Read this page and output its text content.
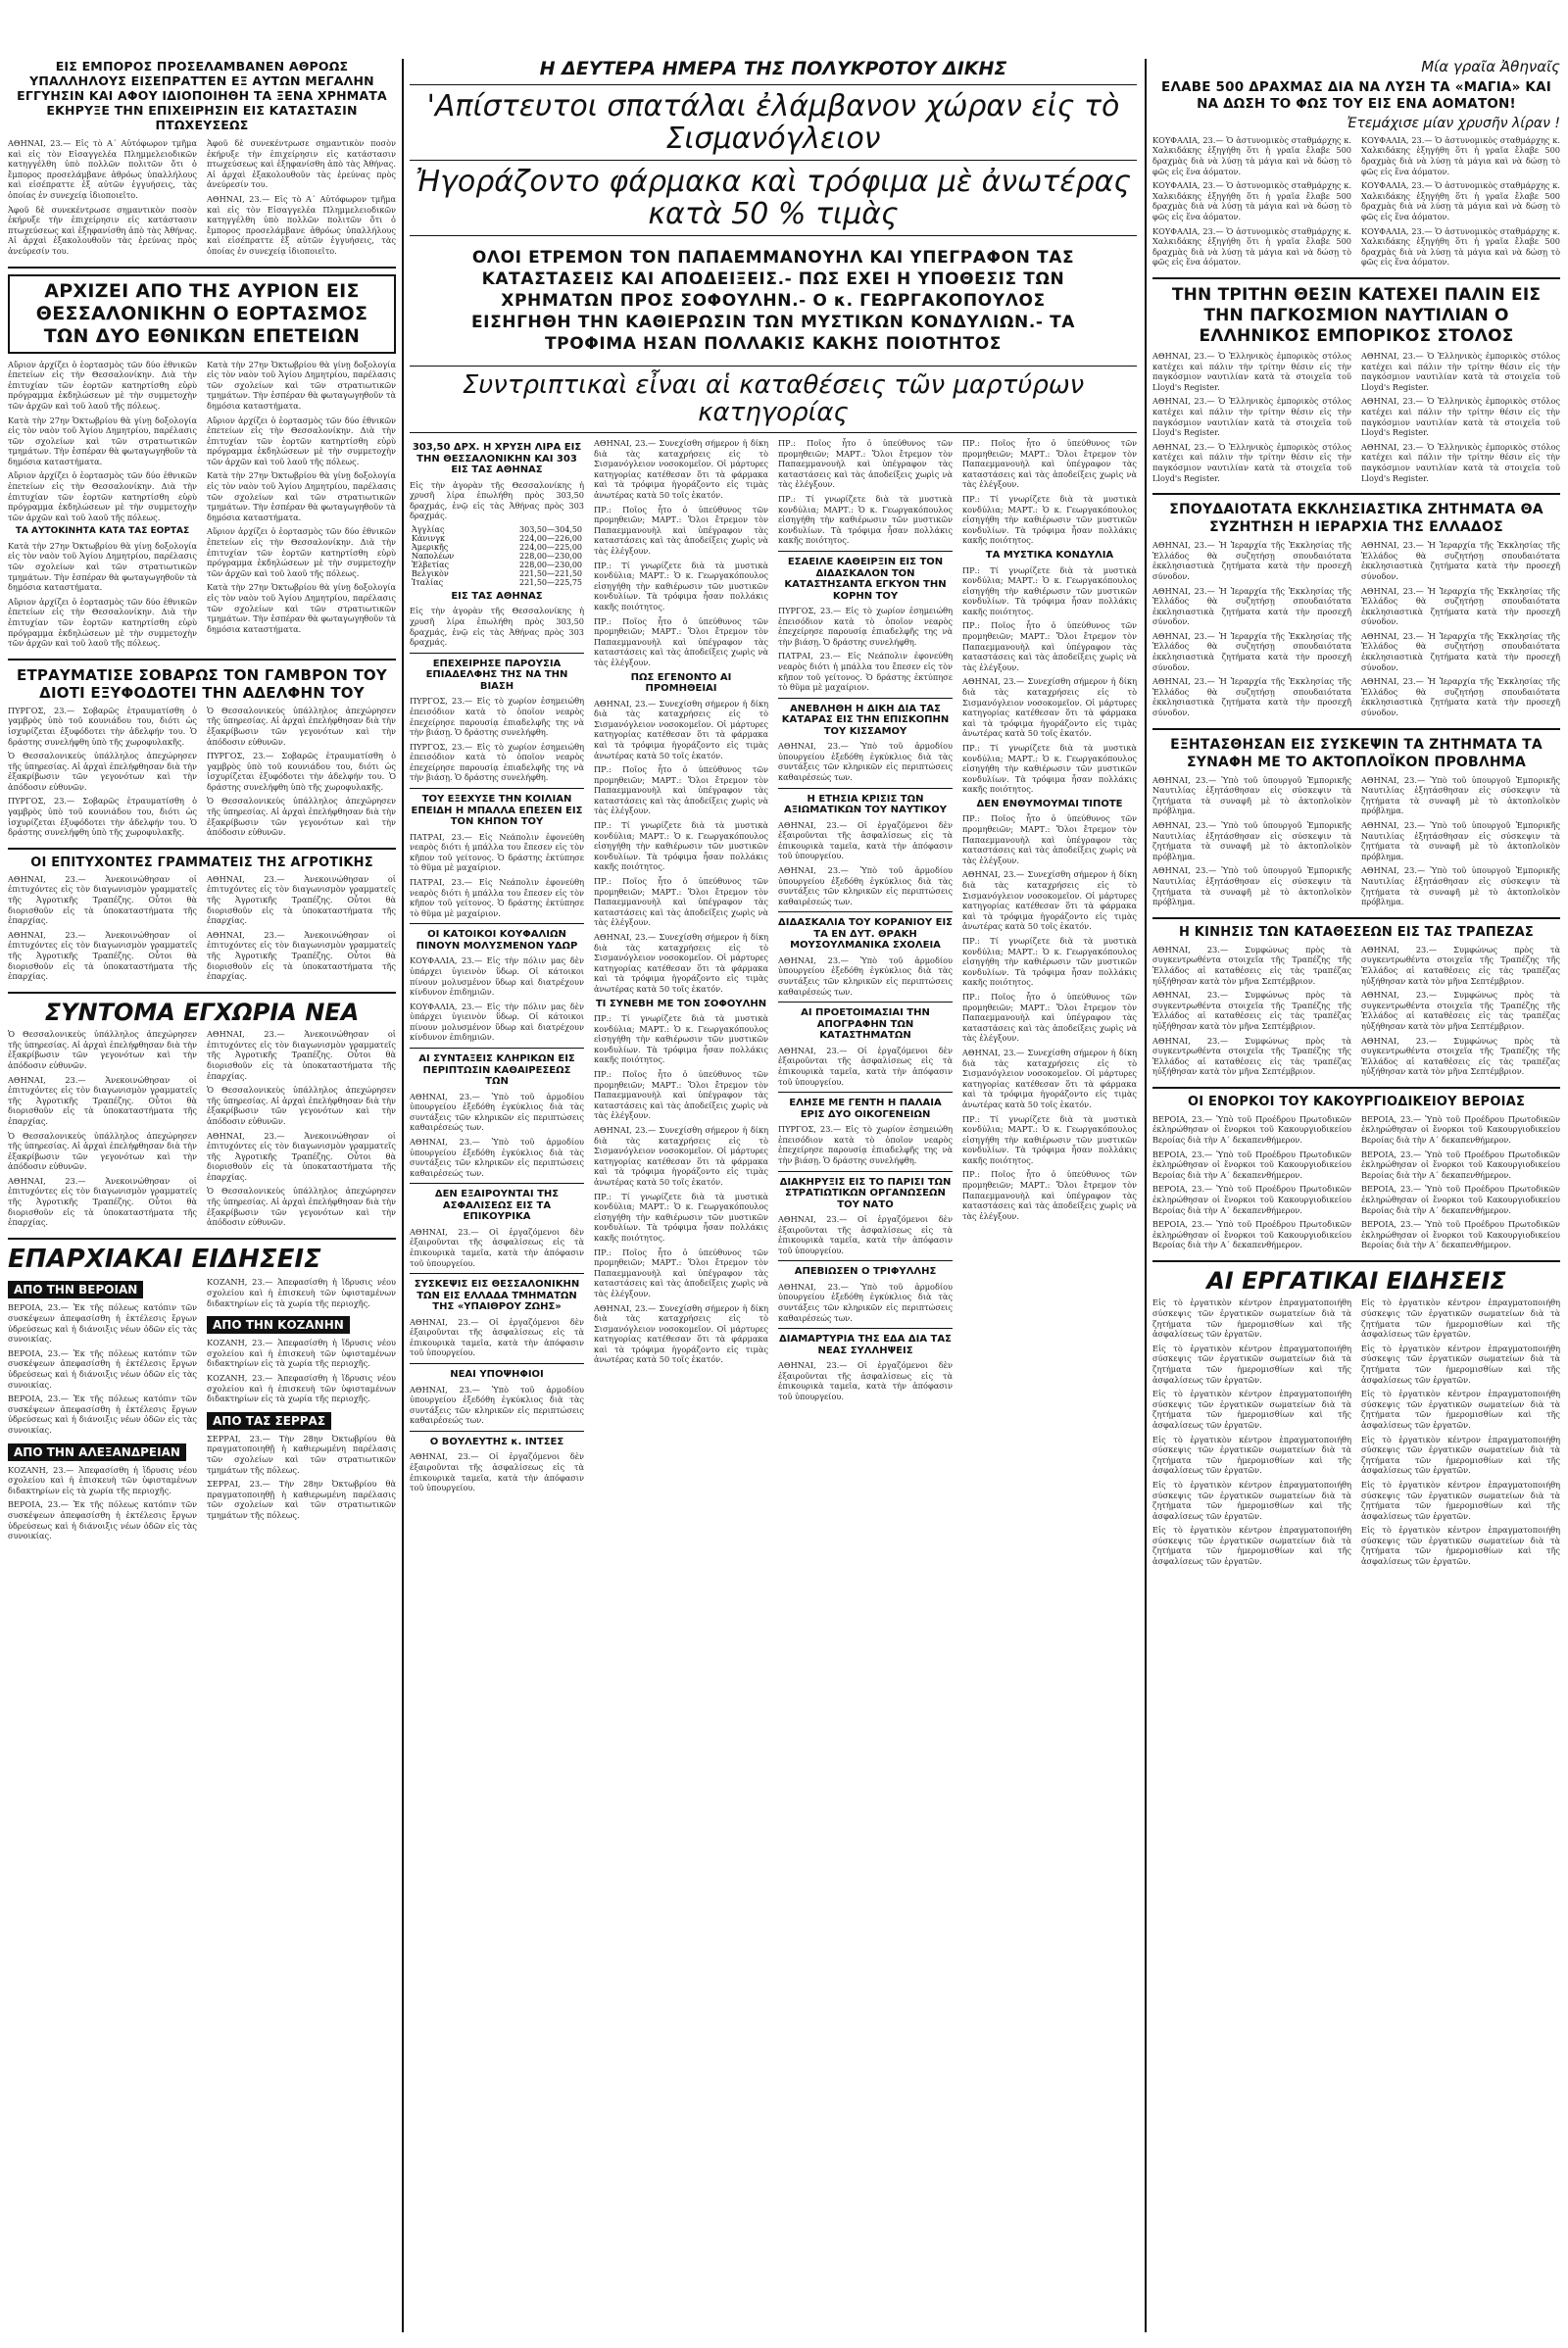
ΕΙΣ ΕΜΠΟΡΟΣ ΠΡΟΣΕΛΑΜΒΑΝΕΝ ΑΘΡΟΩΣ ΥΠΑΛΛΗΛΟΥΣ ΕΙΣΕΠΡΑΤΤΕΝ ΕΞ ΑΥΤΩΝ ΜΕΓΑΛΗΝ ΕΓΓΥΗΣΙΝ ΚΑΙ ΑΦΟΥ ΙΔΙΟΠΟΙΗΘΗ ΤΑ ΞΕΝΑ ΧΡΗΜΑΤΑ ΕΚΗΡΥΞΕ ΤΗΝ ΕΠΙΧΕΙΡΗΣΙΝ ΕΙΣ ΚΑΤΑΣΤΑΣΙΝ ΠΤΩΧΕΥΣΕΩΣ

ΑΘΗΝΑΙ, 23.— Εἰς τὸ Α΄ Αὐτόφωρον τμῆμα καὶ εἰς τὸν Εἰσαγγελέα Πλημμελειοδικῶν κατηγγέλθη ὑπὸ πολλῶν πολιτῶν ὅτι ὁ ἔμπορος προσελάμβανε ἀθρόως ὑπαλλήλους καὶ εἰσέπραττε ἐξ αὐτῶν ἐγγυήσεις, τὰς ὁποίας ἐν συνεχείᾳ ἰδιοποιεῖτο.

Ἀφοῦ δὲ συνεκέντρωσε σημαντικὸν ποσὸν ἐκήρυξε τὴν ἐπιχείρησιν εἰς κατάστασιν πτωχεύσεως καὶ ἐξηφανίσθη ἀπὸ τὰς Ἀθήνας. Αἱ ἀρχαὶ ἐξακολουθοῦν τὰς ἐρεύνας πρὸς ἀνεύρεσίν του.

Ἀφοῦ δὲ συνεκέντρωσε σημαντικὸν ποσὸν ἐκήρυξε τὴν ἐπιχείρησιν εἰς κατάστασιν πτωχεύσεως καὶ ἐξηφανίσθη ἀπὸ τὰς Ἀθήνας. Αἱ ἀρχαὶ ἐξακολουθοῦν τὰς ἐρεύνας πρὸς ἀνεύρεσίν του.

ΑΘΗΝΑΙ, 23.— Εἰς τὸ Α΄ Αὐτόφωρον τμῆμα καὶ εἰς τὸν Εἰσαγγελέα Πλημμελειοδικῶν κατηγγέλθη ὑπὸ πολλῶν πολιτῶν ὅτι ὁ ἔμπορος προσελάμβανε ἀθρόως ὑπαλλήλους καὶ εἰσέπραττε ἐξ αὐτῶν ἐγγυήσεις, τὰς ὁποίας ἐν συνεχείᾳ ἰδιοποιεῖτο.

ΑΡΧΙΖΕΙ ΑΠΟ ΤΗΣ ΑΥΡΙΟΝ ΕΙΣ ΘΕΣΣΑΛΟΝΙΚΗΝ Ο ΕΟΡΤΑΣΜΟΣ ΤΩΝ ΔΥΟ ΕΘΝΙΚΩΝ ΕΠΕΤΕΙΩΝ

Αὔριον ἀρχίζει ὁ ἑορτασμὸς τῶν δύο ἐθνικῶν ἐπετείων εἰς τὴν Θεσσαλονίκην. Διὰ τὴν ἐπιτυχίαν τῶν ἑορτῶν κατηρτίσθη εὐρὺ πρόγραμμα ἐκδηλώσεων μὲ τὴν συμμετοχὴν τῶν ἀρχῶν καὶ τοῦ λαοῦ τῆς πόλεως.

Κατὰ τὴν 27ην Ὀκτωβρίου θὰ γίνῃ δοξολογία εἰς τὸν ναὸν τοῦ Ἁγίου Δημητρίου, παρέλασις τῶν σχολείων καὶ τῶν στρατιωτικῶν τμημάτων. Τὴν ἑσπέραν θὰ φωταγωγηθοῦν τὰ δημόσια καταστήματα.

Αὔριον ἀρχίζει ὁ ἑορτασμὸς τῶν δύο ἐθνικῶν ἐπετείων εἰς τὴν Θεσσαλονίκην. Διὰ τὴν ἐπιτυχίαν τῶν ἑορτῶν κατηρτίσθη εὐρὺ πρόγραμμα ἐκδηλώσεων μὲ τὴν συμμετοχὴν τῶν ἀρχῶν καὶ τοῦ λαοῦ τῆς πόλεως.

ΤΑ ΑΥΤΟΚΙΝΗΤΑ ΚΑΤΑ ΤΑΣ ΕΟΡΤΑΣ

Κατὰ τὴν 27ην Ὀκτωβρίου θὰ γίνῃ δοξολογία εἰς τὸν ναὸν τοῦ Ἁγίου Δημητρίου, παρέλασις τῶν σχολείων καὶ τῶν στρατιωτικῶν τμημάτων. Τὴν ἑσπέραν θὰ φωταγωγηθοῦν τὰ δημόσια καταστήματα.

Αὔριον ἀρχίζει ὁ ἑορτασμὸς τῶν δύο ἐθνικῶν ἐπετείων εἰς τὴν Θεσσαλονίκην. Διὰ τὴν ἐπιτυχίαν τῶν ἑορτῶν κατηρτίσθη εὐρὺ πρόγραμμα ἐκδηλώσεων μὲ τὴν συμμετοχὴν τῶν ἀρχῶν καὶ τοῦ λαοῦ τῆς πόλεως.

Κατὰ τὴν 27ην Ὀκτωβρίου θὰ γίνῃ δοξολογία εἰς τὸν ναὸν τοῦ Ἁγίου Δημητρίου, παρέλασις τῶν σχολείων καὶ τῶν στρατιωτικῶν τμημάτων. Τὴν ἑσπέραν θὰ φωταγωγηθοῦν τὰ δημόσια καταστήματα.

Αὔριον ἀρχίζει ὁ ἑορτασμὸς τῶν δύο ἐθνικῶν ἐπετείων εἰς τὴν Θεσσαλονίκην. Διὰ τὴν ἐπιτυχίαν τῶν ἑορτῶν κατηρτίσθη εὐρὺ πρόγραμμα ἐκδηλώσεων μὲ τὴν συμμετοχὴν τῶν ἀρχῶν καὶ τοῦ λαοῦ τῆς πόλεως.

Κατὰ τὴν 27ην Ὀκτωβρίου θὰ γίνῃ δοξολογία εἰς τὸν ναὸν τοῦ Ἁγίου Δημητρίου, παρέλασις τῶν σχολείων καὶ τῶν στρατιωτικῶν τμημάτων. Τὴν ἑσπέραν θὰ φωταγωγηθοῦν τὰ δημόσια καταστήματα.

Αὔριον ἀρχίζει ὁ ἑορτασμὸς τῶν δύο ἐθνικῶν ἐπετείων εἰς τὴν Θεσσαλονίκην. Διὰ τὴν ἐπιτυχίαν τῶν ἑορτῶν κατηρτίσθη εὐρὺ πρόγραμμα ἐκδηλώσεων μὲ τὴν συμμετοχὴν τῶν ἀρχῶν καὶ τοῦ λαοῦ τῆς πόλεως.

Κατὰ τὴν 27ην Ὀκτωβρίου θὰ γίνῃ δοξολογία εἰς τὸν ναὸν τοῦ Ἁγίου Δημητρίου, παρέλασις τῶν σχολείων καὶ τῶν στρατιωτικῶν τμημάτων. Τὴν ἑσπέραν θὰ φωταγωγηθοῦν τὰ δημόσια καταστήματα.

ΕΤΡΑΥΜΑΤΙΣΕ ΣΟΒΑΡΩΣ ΤΟΝ ΓΑΜΒΡΟΝ ΤΟΥ ΔΙΟΤΙ ΕΞΥΦΟΔΟΤΕΙ ΤΗΝ ΑΔΕΛΦΗΝ ΤΟΥ

ΠΥΡΓΟΣ, 23.— Σοβαρῶς ἐτραυματίσθη ὁ γαμβρὸς ὑπὸ τοῦ κουνιάδου του, διότι ὡς ἰσχυρίζεται ἐξυφόδοτει τὴν ἀδελφήν του. Ὁ δράστης συνελήφθη ὑπὸ τῆς χωροφυλακῆς.

Ὁ Θεσσαλονικεὺς ὑπάλληλος ἀπεχώρησεν τῆς ὑπηρεσίας. Αἱ ἀρχαὶ ἐπελήφθησαν διὰ τὴν ἐξακρίβωσιν τῶν γεγονότων καὶ τὴν ἀπόδοσιν εὐθυνῶν.

ΠΥΡΓΟΣ, 23.— Σοβαρῶς ἐτραυματίσθη ὁ γαμβρὸς ὑπὸ τοῦ κουνιάδου του, διότι ὡς ἰσχυρίζεται ἐξυφόδοτει τὴν ἀδελφήν του. Ὁ δράστης συνελήφθη ὑπὸ τῆς χωροφυλακῆς.

Ὁ Θεσσαλονικεὺς ὑπάλληλος ἀπεχώρησεν τῆς ὑπηρεσίας. Αἱ ἀρχαὶ ἐπελήφθησαν διὰ τὴν ἐξακρίβωσιν τῶν γεγονότων καὶ τὴν ἀπόδοσιν εὐθυνῶν.

ΠΥΡΓΟΣ, 23.— Σοβαρῶς ἐτραυματίσθη ὁ γαμβρὸς ὑπὸ τοῦ κουνιάδου του, διότι ὡς ἰσχυρίζεται ἐξυφόδοτει τὴν ἀδελφήν του. Ὁ δράστης συνελήφθη ὑπὸ τῆς χωροφυλακῆς.

Ὁ Θεσσαλονικεὺς ὑπάλληλος ἀπεχώρησεν τῆς ὑπηρεσίας. Αἱ ἀρχαὶ ἐπελήφθησαν διὰ τὴν ἐξακρίβωσιν τῶν γεγονότων καὶ τὴν ἀπόδοσιν εὐθυνῶν.

ΟΙ ΕΠΙΤΥΧΟΝΤΕΣ ΓΡΑΜΜΑΤΕΙΣ ΤΗΣ ΑΓΡΟΤΙΚΗΣ

ΑΘΗΝΑΙ, 23.— Ἀνεκοινώθησαν οἱ ἐπιτυχόντες εἰς τὸν διαγωνισμὸν γραμματεῖς τῆς Ἀγροτικῆς Τραπέζης. Οὗτοι θὰ διορισθοῦν εἰς τὰ ὑποκαταστήματα τῆς ἐπαρχίας.

ΑΘΗΝΑΙ, 23.— Ἀνεκοινώθησαν οἱ ἐπιτυχόντες εἰς τὸν διαγωνισμὸν γραμματεῖς τῆς Ἀγροτικῆς Τραπέζης. Οὗτοι θὰ διορισθοῦν εἰς τὰ ὑποκαταστήματα τῆς ἐπαρχίας.

ΑΘΗΝΑΙ, 23.— Ἀνεκοινώθησαν οἱ ἐπιτυχόντες εἰς τὸν διαγωνισμὸν γραμματεῖς τῆς Ἀγροτικῆς Τραπέζης. Οὗτοι θὰ διορισθοῦν εἰς τὰ ὑποκαταστήματα τῆς ἐπαρχίας.

ΑΘΗΝΑΙ, 23.— Ἀνεκοινώθησαν οἱ ἐπιτυχόντες εἰς τὸν διαγωνισμὸν γραμματεῖς τῆς Ἀγροτικῆς Τραπέζης. Οὗτοι θὰ διορισθοῦν εἰς τὰ ὑποκαταστήματα τῆς ἐπαρχίας.

ΣΥΝΤΟΜΑ ΕΓΧΩΡΙΑ ΝΕΑ

Ὁ Θεσσαλονικεὺς ὑπάλληλος ἀπεχώρησεν τῆς ὑπηρεσίας. Αἱ ἀρχαὶ ἐπελήφθησαν διὰ τὴν ἐξακρίβωσιν τῶν γεγονότων καὶ τὴν ἀπόδοσιν εὐθυνῶν.

ΑΘΗΝΑΙ, 23.— Ἀνεκοινώθησαν οἱ ἐπιτυχόντες εἰς τὸν διαγωνισμὸν γραμματεῖς τῆς Ἀγροτικῆς Τραπέζης. Οὗτοι θὰ διορισθοῦν εἰς τὰ ὑποκαταστήματα τῆς ἐπαρχίας.

Ὁ Θεσσαλονικεὺς ὑπάλληλος ἀπεχώρησεν τῆς ὑπηρεσίας. Αἱ ἀρχαὶ ἐπελήφθησαν διὰ τὴν ἐξακρίβωσιν τῶν γεγονότων καὶ τὴν ἀπόδοσιν εὐθυνῶν.

ΑΘΗΝΑΙ, 23.— Ἀνεκοινώθησαν οἱ ἐπιτυχόντες εἰς τὸν διαγωνισμὸν γραμματεῖς τῆς Ἀγροτικῆς Τραπέζης. Οὗτοι θὰ διορισθοῦν εἰς τὰ ὑποκαταστήματα τῆς ἐπαρχίας.

ΑΘΗΝΑΙ, 23.— Ἀνεκοινώθησαν οἱ ἐπιτυχόντες εἰς τὸν διαγωνισμὸν γραμματεῖς τῆς Ἀγροτικῆς Τραπέζης. Οὗτοι θὰ διορισθοῦν εἰς τὰ ὑποκαταστήματα τῆς ἐπαρχίας.

Ὁ Θεσσαλονικεὺς ὑπάλληλος ἀπεχώρησεν τῆς ὑπηρεσίας. Αἱ ἀρχαὶ ἐπελήφθησαν διὰ τὴν ἐξακρίβωσιν τῶν γεγονότων καὶ τὴν ἀπόδοσιν εὐθυνῶν.

ΑΘΗΝΑΙ, 23.— Ἀνεκοινώθησαν οἱ ἐπιτυχόντες εἰς τὸν διαγωνισμὸν γραμματεῖς τῆς Ἀγροτικῆς Τραπέζης. Οὗτοι θὰ διορισθοῦν εἰς τὰ ὑποκαταστήματα τῆς ἐπαρχίας.

Ὁ Θεσσαλονικεὺς ὑπάλληλος ἀπεχώρησεν τῆς ὑπηρεσίας. Αἱ ἀρχαὶ ἐπελήφθησαν διὰ τὴν ἐξακρίβωσιν τῶν γεγονότων καὶ τὴν ἀπόδοσιν εὐθυνῶν.

ΕΠΑΡΧΙΑΚΑΙ ΕΙΔΗΣΕΙΣ
ΑΠΟ ΤΗΝ ΒΕΡΟΙΑΝ

ΒΕΡΟΙΑ, 23.— Ἐκ τῆς πόλεως κατόπιν τῶν συσκέψεων ἀπεφασίσθη ἡ ἐκτέλεσις ἔργων ὑδρεύσεως καὶ ἡ διάνοιξις νέων ὁδῶν εἰς τὰς συνοικίας.

ΒΕΡΟΙΑ, 23.— Ἐκ τῆς πόλεως κατόπιν τῶν συσκέψεων ἀπεφασίσθη ἡ ἐκτέλεσις ἔργων ὑδρεύσεως καὶ ἡ διάνοιξις νέων ὁδῶν εἰς τὰς συνοικίας.

ΒΕΡΟΙΑ, 23.— Ἐκ τῆς πόλεως κατόπιν τῶν συσκέψεων ἀπεφασίσθη ἡ ἐκτέλεσις ἔργων ὑδρεύσεως καὶ ἡ διάνοιξις νέων ὁδῶν εἰς τὰς συνοικίας.

ΑΠΟ ΤΗΝ ΑΛΕΞΑΝΔΡΕΙΑΝ

ΚΟΖΑΝΗ, 23.— Ἀπεφασίσθη ἡ ἵδρυσις νέου σχολείου καὶ ἡ ἐπισκευὴ τῶν ὑφισταμένων διδακτηρίων εἰς τὰ χωρία τῆς περιοχῆς.

ΒΕΡΟΙΑ, 23.— Ἐκ τῆς πόλεως κατόπιν τῶν συσκέψεων ἀπεφασίσθη ἡ ἐκτέλεσις ἔργων ὑδρεύσεως καὶ ἡ διάνοιξις νέων ὁδῶν εἰς τὰς συνοικίας.

ΚΟΖΑΝΗ, 23.— Ἀπεφασίσθη ἡ ἵδρυσις νέου σχολείου καὶ ἡ ἐπισκευὴ τῶν ὑφισταμένων διδακτηρίων εἰς τὰ χωρία τῆς περιοχῆς.

ΑΠΟ ΤΗΝ ΚΟΖΑΝΗΝ

ΚΟΖΑΝΗ, 23.— Ἀπεφασίσθη ἡ ἵδρυσις νέου σχολείου καὶ ἡ ἐπισκευὴ τῶν ὑφισταμένων διδακτηρίων εἰς τὰ χωρία τῆς περιοχῆς.

ΚΟΖΑΝΗ, 23.— Ἀπεφασίσθη ἡ ἵδρυσις νέου σχολείου καὶ ἡ ἐπισκευὴ τῶν ὑφισταμένων διδακτηρίων εἰς τὰ χωρία τῆς περιοχῆς.

ΑΠΟ ΤΑΣ ΣΕΡΡΑΣ

ΣΕΡΡΑΙ, 23.— Τὴν 28ην Ὀκτωβρίου θὰ πραγματοποιηθῇ ἡ καθιερωμένη παρέλασις τῶν σχολείων καὶ τῶν στρατιωτικῶν τμημάτων τῆς πόλεως.

ΣΕΡΡΑΙ, 23.— Τὴν 28ην Ὀκτωβρίου θὰ πραγματοποιηθῇ ἡ καθιερωμένη παρέλασις τῶν σχολείων καὶ τῶν στρατιωτικῶν τμημάτων τῆς πόλεως.

Η ΔΕΥΤΕΡΑ ΗΜΕΡΑ ΤΗΣ ΠΟΛΥΚΡΟΤΟΥ ΔΙΚΗΣ
'Απίστευτοι σπατάλαι ἐλάμβανον χώραν εἰς τὸ Σισμανόγλειον
Ἠγοράζοντο φάρμακα καὶ τρόφιμα μὲ ἀνωτέρας κατὰ 50 % τιμὰς
ΟΛΟΙ ΕΤΡΕΜΟΝ ΤΟΝ ΠΑΠΑΕΜΜΑΝΟΥΗΛ ΚΑΙ ΥΠΕΓΡΑΦΟΝ ΤΑΣ ΚΑΤΑΣΤΑΣΕΙΣ ΚΑΙ ΑΠΟΔΕΙΞΕΙΣ.- ΠΩΣ ΕΧΕΙ Η ΥΠΟΘΕΣΙΣ ΤΩΝ ΧΡΗΜΑΤΩΝ ΠΡΟΣ ΣΟΦΟΥΛΗΝ.- Ο κ. ΓΕΩΡΓΑΚΟΠΟΥΛΟΣ ΕΙΣΗΓΗΘΗ ΤΗΝ ΚΑΘΙΕΡΩΣΙΝ ΤΩΝ ΜΥΣΤΙΚΩΝ ΚΟΝΔΥΛΙΩΝ.- ΤΑ ΤΡΟΦΙΜΑ ΗΣΑΝ ΠΟΛΛΑΚΙΣ ΚΑΚΗΣ ΠΟΙΟΤΗΤΟΣ
Συντριπτικαὶ εἶναι αἱ καταθέσεις τῶν μαρτύρων κατηγορίας
303,50 ΔΡΧ. Η ΧΡΥΣΗ ΛΙΡΑ ΕΙΣ ΤΗΝ ΘΕΣΣΑΛΟΝΙΚΗΝ ΚΑΙ 303 ΕΙΣ ΤΑΣ ΑΘΗΝΑΣ

Εἰς τὴν ἀγορὰν τῆς Θεσσαλονίκης ἡ χρυσῆ λίρα ἐπωλήθη πρὸς 303,50 δραχμάς, ἐνῷ εἰς τὰς Ἀθήνας πρὸς 303 δραχμάς.

Ἀγγλίας	303,50—304,50
Κάνινγκ	224,00—226,00
Ἀμερικῆς	224,00—225,00
Ναπολέων	228,00—230,00
Ἑλβετίας	228,00—230,00
Βελγικὸν	221,50—221,50
Ἰταλίας	221,50—225,75
ΕΙΣ ΤΑΣ ΑΘΗΝΑΣ

Εἰς τὴν ἀγορὰν τῆς Θεσσαλονίκης ἡ χρυσῆ λίρα ἐπωλήθη πρὸς 303,50 δραχμάς, ἐνῷ εἰς τὰς Ἀθήνας πρὸς 303 δραχμάς.

ΕΠΕΧΕΙΡΗΣΕ ΠΑΡΟΥΣΙΑ ΕΠΙΑΔΕΛΦΗΣ ΤΗΣ ΝΑ ΤΗΝ ΒΙΑΣΗ

ΠΥΡΓΟΣ, 23.— Εἰς τὸ χωρίον ἐσημειώθη ἐπεισόδιον κατὰ τὸ ὁποῖον νεαρὸς ἐπεχείρησε παρουσίᾳ ἐπιαδελφῆς της νὰ τὴν βιάσῃ. Ὁ δράστης συνελήφθη.

ΠΥΡΓΟΣ, 23.— Εἰς τὸ χωρίον ἐσημειώθη ἐπεισόδιον κατὰ τὸ ὁποῖον νεαρὸς ἐπεχείρησε παρουσίᾳ ἐπιαδελφῆς της νὰ τὴν βιάσῃ. Ὁ δράστης συνελήφθη.

ΤΟΥ ΕΞΕΧΥΣΕ ΤΗΝ ΚΟΙΛΙΑΝ ΕΠΕΙΔΗ Η ΜΠΑΛΛΑ ΕΠΕΣΕΝ ΕΙΣ ΤΟΝ ΚΗΠΟΝ ΤΟΥ

ΠΑΤΡΑΙ, 23.— Εἰς Νεάπολιν ἐφονεύθη νεαρὸς διότι ἡ μπάλλα του ἔπεσεν εἰς τὸν κῆπον τοῦ γείτονος. Ὁ δράστης ἐκτύπησε τὸ θῦμα μὲ μαχαίριον.

ΠΑΤΡΑΙ, 23.— Εἰς Νεάπολιν ἐφονεύθη νεαρὸς διότι ἡ μπάλλα του ἔπεσεν εἰς τὸν κῆπον τοῦ γείτονος. Ὁ δράστης ἐκτύπησε τὸ θῦμα μὲ μαχαίριον.

ΟΙ ΚΑΤΟΙΚΟΙ ΚΟΥΦΑΛΙΩΝ ΠΙΝΟΥΝ ΜΟΛΥΣΜΕΝΟΝ ΥΔΩΡ

ΚΟΥΦΑΛΙΑ, 23.— Εἰς τὴν πόλιν μας δὲν ὑπάρχει ὑγιεινὸν ὕδωρ. Οἱ κάτοικοι πίνουν μολυσμένον ὕδωρ καὶ διατρέχουν κίνδυνον ἐπιδημιῶν.

ΚΟΥΦΑΛΙΑ, 23.— Εἰς τὴν πόλιν μας δὲν ὑπάρχει ὑγιεινὸν ὕδωρ. Οἱ κάτοικοι πίνουν μολυσμένον ὕδωρ καὶ διατρέχουν κίνδυνον ἐπιδημιῶν.

ΑΙ ΣΥΝΤΑΞΕΙΣ ΚΛΗΡΙΚΩΝ ΕΙΣ ΠΕΡΙΠΤΩΣΙΝ ΚΑΘΑΙΡΕΣΕΩΣ ΤΩΝ

ΑΘΗΝΑΙ, 23.— Ὑπὸ τοῦ ἁρμοδίου ὑπουργείου ἐξεδόθη ἐγκύκλιος διὰ τὰς συντάξεις τῶν κληρικῶν εἰς περιπτώσεις καθαιρέσεώς των.

ΑΘΗΝΑΙ, 23.— Ὑπὸ τοῦ ἁρμοδίου ὑπουργείου ἐξεδόθη ἐγκύκλιος διὰ τὰς συντάξεις τῶν κληρικῶν εἰς περιπτώσεις καθαιρέσεώς των.

ΔΕΝ ΕΞΑΙΡΟΥΝΤΑΙ ΤΗΣ ΑΣΦΑΛΙΣΕΩΣ ΕΙΣ ΤΑ ΕΠΙΚΟΥΡΙΚΑ

ΑΘΗΝΑΙ, 23.— Οἱ ἐργαζόμενοι δὲν ἐξαιροῦνται τῆς ἀσφαλίσεως εἰς τὰ ἐπικουρικὰ ταμεῖα, κατὰ τὴν ἀπόφασιν τοῦ ὑπουργείου.

ΣΥΣΚΕΨΙΣ ΕΙΣ ΘΕΣΣΑΛΟΝΙΚΗΝ ΤΩΝ ΕΙΣ ΕΛΛΑΔΑ ΤΜΗΜΑΤΩΝ ΤΗΣ «ΥΠΑΙΘΡΟΥ ΖΩΗΣ»

ΑΘΗΝΑΙ, 23.— Οἱ ἐργαζόμενοι δὲν ἐξαιροῦνται τῆς ἀσφαλίσεως εἰς τὰ ἐπικουρικὰ ταμεῖα, κατὰ τὴν ἀπόφασιν τοῦ ὑπουργείου.

ΝΕΑΙ ΥΠΟΨΗΦΙΟΙ

ΑΘΗΝΑΙ, 23.— Ὑπὸ τοῦ ἁρμοδίου ὑπουργείου ἐξεδόθη ἐγκύκλιος διὰ τὰς συντάξεις τῶν κληρικῶν εἰς περιπτώσεις καθαιρέσεώς των.

Ο ΒΟΥΛΕΥΤΗΣ κ. ΙΝΤΣΕΣ

ΑΘΗΝΑΙ, 23.— Οἱ ἐργαζόμενοι δὲν ἐξαιροῦνται τῆς ἀσφαλίσεως εἰς τὰ ἐπικουρικὰ ταμεῖα, κατὰ τὴν ἀπόφασιν τοῦ ὑπουργείου.

ΑΘΗΝΑΙ, 23.— Συνεχίσθη σήμερον ἡ δίκη διὰ τὰς καταχρήσεις εἰς τὸ Σισμανόγλειον νοσοκομεῖον. Οἱ μάρτυρες κατηγορίας κατέθεσαν ὅτι τὰ φάρμακα καὶ τὰ τρόφιμα ἠγοράζοντο εἰς τιμὰς ἀνωτέρας κατὰ 50 τοῖς ἑκατόν.

ΠΡ.: Ποῖος ἦτο ὁ ὑπεύθυνος τῶν προμηθειῶν; ΜΑΡΤ.: Ὅλοι ἔτρεμον τὸν Παπαεμμανουὴλ καὶ ὑπέγραφον τὰς καταστάσεις καὶ τὰς ἀποδείξεις χωρὶς νὰ τὰς ἐλέγξουν.

ΠΡ.: Τί γνωρίζετε διὰ τὰ μυστικὰ κονδύλια; ΜΑΡΤ.: Ὁ κ. Γεωργακόπουλος εἰσηγήθη τὴν καθιέρωσιν τῶν μυστικῶν κονδυλίων. Τὰ τρόφιμα ἦσαν πολλάκις κακῆς ποιότητος.

ΠΡ.: Ποῖος ἦτο ὁ ὑπεύθυνος τῶν προμηθειῶν; ΜΑΡΤ.: Ὅλοι ἔτρεμον τὸν Παπαεμμανουὴλ καὶ ὑπέγραφον τὰς καταστάσεις καὶ τὰς ἀποδείξεις χωρὶς νὰ τὰς ἐλέγξουν.

ΠΩΣ ΕΓΕΝΟΝΤΟ ΑΙ ΠΡΟΜΗΘΕΙΑΙ

ΑΘΗΝΑΙ, 23.— Συνεχίσθη σήμερον ἡ δίκη διὰ τὰς καταχρήσεις εἰς τὸ Σισμανόγλειον νοσοκομεῖον. Οἱ μάρτυρες κατηγορίας κατέθεσαν ὅτι τὰ φάρμακα καὶ τὰ τρόφιμα ἠγοράζοντο εἰς τιμὰς ἀνωτέρας κατὰ 50 τοῖς ἑκατόν.

ΠΡ.: Ποῖος ἦτο ὁ ὑπεύθυνος τῶν προμηθειῶν; ΜΑΡΤ.: Ὅλοι ἔτρεμον τὸν Παπαεμμανουὴλ καὶ ὑπέγραφον τὰς καταστάσεις καὶ τὰς ἀποδείξεις χωρὶς νὰ τὰς ἐλέγξουν.

ΠΡ.: Τί γνωρίζετε διὰ τὰ μυστικὰ κονδύλια; ΜΑΡΤ.: Ὁ κ. Γεωργακόπουλος εἰσηγήθη τὴν καθιέρωσιν τῶν μυστικῶν κονδυλίων. Τὰ τρόφιμα ἦσαν πολλάκις κακῆς ποιότητος.

ΠΡ.: Ποῖος ἦτο ὁ ὑπεύθυνος τῶν προμηθειῶν; ΜΑΡΤ.: Ὅλοι ἔτρεμον τὸν Παπαεμμανουὴλ καὶ ὑπέγραφον τὰς καταστάσεις καὶ τὰς ἀποδείξεις χωρὶς νὰ τὰς ἐλέγξουν.

ΑΘΗΝΑΙ, 23.— Συνεχίσθη σήμερον ἡ δίκη διὰ τὰς καταχρήσεις εἰς τὸ Σισμανόγλειον νοσοκομεῖον. Οἱ μάρτυρες κατηγορίας κατέθεσαν ὅτι τὰ φάρμακα καὶ τὰ τρόφιμα ἠγοράζοντο εἰς τιμὰς ἀνωτέρας κατὰ 50 τοῖς ἑκατόν.

ΤΙ ΣΥΝΕΒΗ ΜΕ ΤΟΝ ΣΟΦΟΥΛΗΝ

ΠΡ.: Τί γνωρίζετε διὰ τὰ μυστικὰ κονδύλια; ΜΑΡΤ.: Ὁ κ. Γεωργακόπουλος εἰσηγήθη τὴν καθιέρωσιν τῶν μυστικῶν κονδυλίων. Τὰ τρόφιμα ἦσαν πολλάκις κακῆς ποιότητος.

ΠΡ.: Ποῖος ἦτο ὁ ὑπεύθυνος τῶν προμηθειῶν; ΜΑΡΤ.: Ὅλοι ἔτρεμον τὸν Παπαεμμανουὴλ καὶ ὑπέγραφον τὰς καταστάσεις καὶ τὰς ἀποδείξεις χωρὶς νὰ τὰς ἐλέγξουν.

ΑΘΗΝΑΙ, 23.— Συνεχίσθη σήμερον ἡ δίκη διὰ τὰς καταχρήσεις εἰς τὸ Σισμανόγλειον νοσοκομεῖον. Οἱ μάρτυρες κατηγορίας κατέθεσαν ὅτι τὰ φάρμακα καὶ τὰ τρόφιμα ἠγοράζοντο εἰς τιμὰς ἀνωτέρας κατὰ 50 τοῖς ἑκατόν.

ΠΡ.: Τί γνωρίζετε διὰ τὰ μυστικὰ κονδύλια; ΜΑΡΤ.: Ὁ κ. Γεωργακόπουλος εἰσηγήθη τὴν καθιέρωσιν τῶν μυστικῶν κονδυλίων. Τὰ τρόφιμα ἦσαν πολλάκις κακῆς ποιότητος.

ΠΡ.: Ποῖος ἦτο ὁ ὑπεύθυνος τῶν προμηθειῶν; ΜΑΡΤ.: Ὅλοι ἔτρεμον τὸν Παπαεμμανουὴλ καὶ ὑπέγραφον τὰς καταστάσεις καὶ τὰς ἀποδείξεις χωρὶς νὰ τὰς ἐλέγξουν.

ΑΘΗΝΑΙ, 23.— Συνεχίσθη σήμερον ἡ δίκη διὰ τὰς καταχρήσεις εἰς τὸ Σισμανόγλειον νοσοκομεῖον. Οἱ μάρτυρες κατηγορίας κατέθεσαν ὅτι τὰ φάρμακα καὶ τὰ τρόφιμα ἠγοράζοντο εἰς τιμὰς ἀνωτέρας κατὰ 50 τοῖς ἑκατόν.

ΠΡ.: Ποῖος ἦτο ὁ ὑπεύθυνος τῶν προμηθειῶν; ΜΑΡΤ.: Ὅλοι ἔτρεμον τὸν Παπαεμμανουὴλ καὶ ὑπέγραφον τὰς καταστάσεις καὶ τὰς ἀποδείξεις χωρὶς νὰ τὰς ἐλέγξουν.

ΠΡ.: Τί γνωρίζετε διὰ τὰ μυστικὰ κονδύλια; ΜΑΡΤ.: Ὁ κ. Γεωργακόπουλος εἰσηγήθη τὴν καθιέρωσιν τῶν μυστικῶν κονδυλίων. Τὰ τρόφιμα ἦσαν πολλάκις κακῆς ποιότητος.

ΕΣΑΕΙΛΕ ΚΑΘΕΙΡΞΙΝ ΕΙΣ ΤΟΝ ΔΙΔΑΣΚΑΛΟΝ ΤΟΝ ΚΑΤΑΣΤΗΣΑΝΤΑ ΕΓΚΥΟΝ ΤΗΝ ΚΟΡΗΝ ΤΟΥ

ΠΥΡΓΟΣ, 23.— Εἰς τὸ χωρίον ἐσημειώθη ἐπεισόδιον κατὰ τὸ ὁποῖον νεαρὸς ἐπεχείρησε παρουσίᾳ ἐπιαδελφῆς της νὰ τὴν βιάσῃ. Ὁ δράστης συνελήφθη.

ΠΑΤΡΑΙ, 23.— Εἰς Νεάπολιν ἐφονεύθη νεαρὸς διότι ἡ μπάλλα του ἔπεσεν εἰς τὸν κῆπον τοῦ γείτονος. Ὁ δράστης ἐκτύπησε τὸ θῦμα μὲ μαχαίριον.

ΑΝΕΒΛΗΘΗ Η ΔΙΚΗ ΔΙΑ ΤΑΣ ΚΑΤΑΡΑΣ ΕΙΣ ΤΗΝ ΕΠΙΣΚΟΠΗΝ ΤΟΥ ΚΙΣΣΑΜΟΥ

ΑΘΗΝΑΙ, 23.— Ὑπὸ τοῦ ἁρμοδίου ὑπουργείου ἐξεδόθη ἐγκύκλιος διὰ τὰς συντάξεις τῶν κληρικῶν εἰς περιπτώσεις καθαιρέσεώς των.

Η ΕΤΗΣΙΑ ΚΡΙΣΙΣ ΤΩΝ ΑΞΙΩΜΑΤΙΚΩΝ ΤΟΥ ΝΑΥΤΙΚΟΥ

ΑΘΗΝΑΙ, 23.— Οἱ ἐργαζόμενοι δὲν ἐξαιροῦνται τῆς ἀσφαλίσεως εἰς τὰ ἐπικουρικὰ ταμεῖα, κατὰ τὴν ἀπόφασιν τοῦ ὑπουργείου.

ΑΘΗΝΑΙ, 23.— Ὑπὸ τοῦ ἁρμοδίου ὑπουργείου ἐξεδόθη ἐγκύκλιος διὰ τὰς συντάξεις τῶν κληρικῶν εἰς περιπτώσεις καθαιρέσεώς των.

ΔΙΔΑΣΚΑΛΙΑ ΤΟΥ ΚΟΡΑΝΙΟΥ ΕΙΣ ΤΑ ΕΝ ΔΥΤ. ΘΡΑΚΗ ΜΟΥΣΟΥΛΜΑΝΙΚΑ ΣΧΟΛΕΙΑ

ΑΘΗΝΑΙ, 23.— Ὑπὸ τοῦ ἁρμοδίου ὑπουργείου ἐξεδόθη ἐγκύκλιος διὰ τὰς συντάξεις τῶν κληρικῶν εἰς περιπτώσεις καθαιρέσεώς των.

ΑΙ ΠΡΟΕΤΟΙΜΑΣΙΑΙ ΤΗΝ ΑΠΟΓΡΑΦΗΝ ΤΩΝ ΚΑΤΑΣΤΗΜΑΤΩΝ

ΑΘΗΝΑΙ, 23.— Οἱ ἐργαζόμενοι δὲν ἐξαιροῦνται τῆς ἀσφαλίσεως εἰς τὰ ἐπικουρικὰ ταμεῖα, κατὰ τὴν ἀπόφασιν τοῦ ὑπουργείου.

ΕΛΗΣΕ ΜΕ ΓΕΝΤΗ Η ΠΑΛΑΙΑ ΕΡΙΣ ΔΥΟ ΟΙΚΟΓΕΝΕΙΩΝ

ΠΥΡΓΟΣ, 23.— Εἰς τὸ χωρίον ἐσημειώθη ἐπεισόδιον κατὰ τὸ ὁποῖον νεαρὸς ἐπεχείρησε παρουσίᾳ ἐπιαδελφῆς της νὰ τὴν βιάσῃ. Ὁ δράστης συνελήφθη.

ΔΙΑΚΗΡΥΞΙΣ ΕΙΣ ΤΟ ΠΑΡΙΣΙ ΤΩΝ ΣΤΡΑΤΙΩΤΙΚΩΝ ΟΡΓΑΝΩΣΕΩΝ ΤΟΥ ΝΑΤΟ

ΑΘΗΝΑΙ, 23.— Οἱ ἐργαζόμενοι δὲν ἐξαιροῦνται τῆς ἀσφαλίσεως εἰς τὰ ἐπικουρικὰ ταμεῖα, κατὰ τὴν ἀπόφασιν τοῦ ὑπουργείου.

ΑΠΕΒΙΩΣΕΝ Ο ΤΡΙΦΥΛΛΗΣ

ΑΘΗΝΑΙ, 23.— Ὑπὸ τοῦ ἁρμοδίου ὑπουργείου ἐξεδόθη ἐγκύκλιος διὰ τὰς συντάξεις τῶν κληρικῶν εἰς περιπτώσεις καθαιρέσεώς των.

ΔΙΑΜΑΡΤΥΡΙΑ ΤΗΣ ΕΔΑ ΔΙΑ ΤΑΣ ΝΕΑΣ ΣΥΛΛΗΨΕΙΣ

ΑΘΗΝΑΙ, 23.— Οἱ ἐργαζόμενοι δὲν ἐξαιροῦνται τῆς ἀσφαλίσεως εἰς τὰ ἐπικουρικὰ ταμεῖα, κατὰ τὴν ἀπόφασιν τοῦ ὑπουργείου.

ΠΡ.: Ποῖος ἦτο ὁ ὑπεύθυνος τῶν προμηθειῶν; ΜΑΡΤ.: Ὅλοι ἔτρεμον τὸν Παπαεμμανουὴλ καὶ ὑπέγραφον τὰς καταστάσεις καὶ τὰς ἀποδείξεις χωρὶς νὰ τὰς ἐλέγξουν.

ΠΡ.: Τί γνωρίζετε διὰ τὰ μυστικὰ κονδύλια; ΜΑΡΤ.: Ὁ κ. Γεωργακόπουλος εἰσηγήθη τὴν καθιέρωσιν τῶν μυστικῶν κονδυλίων. Τὰ τρόφιμα ἦσαν πολλάκις κακῆς ποιότητος.

ΤΑ ΜΥΣΤΙΚΑ ΚΟΝΔΥΛΙΑ

ΠΡ.: Τί γνωρίζετε διὰ τὰ μυστικὰ κονδύλια; ΜΑΡΤ.: Ὁ κ. Γεωργακόπουλος εἰσηγήθη τὴν καθιέρωσιν τῶν μυστικῶν κονδυλίων. Τὰ τρόφιμα ἦσαν πολλάκις κακῆς ποιότητος.

ΠΡ.: Ποῖος ἦτο ὁ ὑπεύθυνος τῶν προμηθειῶν; ΜΑΡΤ.: Ὅλοι ἔτρεμον τὸν Παπαεμμανουὴλ καὶ ὑπέγραφον τὰς καταστάσεις καὶ τὰς ἀποδείξεις χωρὶς νὰ τὰς ἐλέγξουν.

ΑΘΗΝΑΙ, 23.— Συνεχίσθη σήμερον ἡ δίκη διὰ τὰς καταχρήσεις εἰς τὸ Σισμανόγλειον νοσοκομεῖον. Οἱ μάρτυρες κατηγορίας κατέθεσαν ὅτι τὰ φάρμακα καὶ τὰ τρόφιμα ἠγοράζοντο εἰς τιμὰς ἀνωτέρας κατὰ 50 τοῖς ἑκατόν.

ΠΡ.: Τί γνωρίζετε διὰ τὰ μυστικὰ κονδύλια; ΜΑΡΤ.: Ὁ κ. Γεωργακόπουλος εἰσηγήθη τὴν καθιέρωσιν τῶν μυστικῶν κονδυλίων. Τὰ τρόφιμα ἦσαν πολλάκις κακῆς ποιότητος.

ΔΕΝ ΕΝΘΥΜΟΥΜΑΙ ΤΙΠΟΤΕ

ΠΡ.: Ποῖος ἦτο ὁ ὑπεύθυνος τῶν προμηθειῶν; ΜΑΡΤ.: Ὅλοι ἔτρεμον τὸν Παπαεμμανουὴλ καὶ ὑπέγραφον τὰς καταστάσεις καὶ τὰς ἀποδείξεις χωρὶς νὰ τὰς ἐλέγξουν.

ΑΘΗΝΑΙ, 23.— Συνεχίσθη σήμερον ἡ δίκη διὰ τὰς καταχρήσεις εἰς τὸ Σισμανόγλειον νοσοκομεῖον. Οἱ μάρτυρες κατηγορίας κατέθεσαν ὅτι τὰ φάρμακα καὶ τὰ τρόφιμα ἠγοράζοντο εἰς τιμὰς ἀνωτέρας κατὰ 50 τοῖς ἑκατόν.

ΠΡ.: Τί γνωρίζετε διὰ τὰ μυστικὰ κονδύλια; ΜΑΡΤ.: Ὁ κ. Γεωργακόπουλος εἰσηγήθη τὴν καθιέρωσιν τῶν μυστικῶν κονδυλίων. Τὰ τρόφιμα ἦσαν πολλάκις κακῆς ποιότητος.

ΠΡ.: Ποῖος ἦτο ὁ ὑπεύθυνος τῶν προμηθειῶν; ΜΑΡΤ.: Ὅλοι ἔτρεμον τὸν Παπαεμμανουὴλ καὶ ὑπέγραφον τὰς καταστάσεις καὶ τὰς ἀποδείξεις χωρὶς νὰ τὰς ἐλέγξουν.

ΑΘΗΝΑΙ, 23.— Συνεχίσθη σήμερον ἡ δίκη διὰ τὰς καταχρήσεις εἰς τὸ Σισμανόγλειον νοσοκομεῖον. Οἱ μάρτυρες κατηγορίας κατέθεσαν ὅτι τὰ φάρμακα καὶ τὰ τρόφιμα ἠγοράζοντο εἰς τιμὰς ἀνωτέρας κατὰ 50 τοῖς ἑκατόν.

ΠΡ.: Τί γνωρίζετε διὰ τὰ μυστικὰ κονδύλια; ΜΑΡΤ.: Ὁ κ. Γεωργακόπουλος εἰσηγήθη τὴν καθιέρωσιν τῶν μυστικῶν κονδυλίων. Τὰ τρόφιμα ἦσαν πολλάκις κακῆς ποιότητος.

ΠΡ.: Ποῖος ἦτο ὁ ὑπεύθυνος τῶν προμηθειῶν; ΜΑΡΤ.: Ὅλοι ἔτρεμον τὸν Παπαεμμανουὴλ καὶ ὑπέγραφον τὰς καταστάσεις καὶ τὰς ἀποδείξεις χωρὶς νὰ τὰς ἐλέγξουν.

Μία γραῖα Ἀθηναῖς
ΕΛΑΒΕ 500 ΔΡΑΧΜΑΣ ΔΙΑ ΝΑ ΛΥΣΗ ΤΑ «ΜΑΓΙΑ» ΚΑΙ ΝΑ ΔΩΣΗ ΤΟ ΦΩΣ ΤΟΥ ΕΙΣ ΕΝΑ ΑΟΜΑΤΟΝ!
Ἐτεμάχισε μίαν χρυσῆν λίραν !

ΚΟΥΦΑΛΙΑ, 23.— Ὁ ἀστυνομικὸς σταθμάρχης κ. Χαλκιδάκης ἐξηγήθη ὅτι ἡ γραῖα ἔλαβε 500 δραχμὰς διὰ νὰ λύσῃ τὰ μάγια καὶ νὰ δώσῃ τὸ φῶς εἰς ἕνα ἀόματον.

ΚΟΥΦΑΛΙΑ, 23.— Ὁ ἀστυνομικὸς σταθμάρχης κ. Χαλκιδάκης ἐξηγήθη ὅτι ἡ γραῖα ἔλαβε 500 δραχμὰς διὰ νὰ λύσῃ τὰ μάγια καὶ νὰ δώσῃ τὸ φῶς εἰς ἕνα ἀόματον.

ΚΟΥΦΑΛΙΑ, 23.— Ὁ ἀστυνομικὸς σταθμάρχης κ. Χαλκιδάκης ἐξηγήθη ὅτι ἡ γραῖα ἔλαβε 500 δραχμὰς διὰ νὰ λύσῃ τὰ μάγια καὶ νὰ δώσῃ τὸ φῶς εἰς ἕνα ἀόματον.

ΚΟΥΦΑΛΙΑ, 23.— Ὁ ἀστυνομικὸς σταθμάρχης κ. Χαλκιδάκης ἐξηγήθη ὅτι ἡ γραῖα ἔλαβε 500 δραχμὰς διὰ νὰ λύσῃ τὰ μάγια καὶ νὰ δώσῃ τὸ φῶς εἰς ἕνα ἀόματον.

ΚΟΥΦΑΛΙΑ, 23.— Ὁ ἀστυνομικὸς σταθμάρχης κ. Χαλκιδάκης ἐξηγήθη ὅτι ἡ γραῖα ἔλαβε 500 δραχμὰς διὰ νὰ λύσῃ τὰ μάγια καὶ νὰ δώσῃ τὸ φῶς εἰς ἕνα ἀόματον.

ΚΟΥΦΑΛΙΑ, 23.— Ὁ ἀστυνομικὸς σταθμάρχης κ. Χαλκιδάκης ἐξηγήθη ὅτι ἡ γραῖα ἔλαβε 500 δραχμὰς διὰ νὰ λύσῃ τὰ μάγια καὶ νὰ δώσῃ τὸ φῶς εἰς ἕνα ἀόματον.

ΤΗΝ ΤΡΙΤΗΝ ΘΕΣΙΝ ΚΑΤΕΧΕΙ ΠΑΛΙΝ ΕΙΣ ΤΗΝ ΠΑΓΚΟΣΜΙΟΝ ΝΑΥΤΙΛΙΑΝ Ο ΕΛΛΗΝΙΚΟΣ ΕΜΠΟΡΙΚΟΣ ΣΤΟΛΟΣ

ΑΘΗΝΑΙ, 23.— Ὁ Ἑλληνικὸς ἐμπορικὸς στόλος κατέχει καὶ πάλιν τὴν τρίτην θέσιν εἰς τὴν παγκόσμιον ναυτιλίαν κατὰ τὰ στοιχεῖα τοῦ Lloyd's Register.

ΑΘΗΝΑΙ, 23.— Ὁ Ἑλληνικὸς ἐμπορικὸς στόλος κατέχει καὶ πάλιν τὴν τρίτην θέσιν εἰς τὴν παγκόσμιον ναυτιλίαν κατὰ τὰ στοιχεῖα τοῦ Lloyd's Register.

ΑΘΗΝΑΙ, 23.— Ὁ Ἑλληνικὸς ἐμπορικὸς στόλος κατέχει καὶ πάλιν τὴν τρίτην θέσιν εἰς τὴν παγκόσμιον ναυτιλίαν κατὰ τὰ στοιχεῖα τοῦ Lloyd's Register.

ΑΘΗΝΑΙ, 23.— Ὁ Ἑλληνικὸς ἐμπορικὸς στόλος κατέχει καὶ πάλιν τὴν τρίτην θέσιν εἰς τὴν παγκόσμιον ναυτιλίαν κατὰ τὰ στοιχεῖα τοῦ Lloyd's Register.

ΑΘΗΝΑΙ, 23.— Ὁ Ἑλληνικὸς ἐμπορικὸς στόλος κατέχει καὶ πάλιν τὴν τρίτην θέσιν εἰς τὴν παγκόσμιον ναυτιλίαν κατὰ τὰ στοιχεῖα τοῦ Lloyd's Register.

ΑΘΗΝΑΙ, 23.— Ὁ Ἑλληνικὸς ἐμπορικὸς στόλος κατέχει καὶ πάλιν τὴν τρίτην θέσιν εἰς τὴν παγκόσμιον ναυτιλίαν κατὰ τὰ στοιχεῖα τοῦ Lloyd's Register.

ΣΠΟΥΔΑΙΟΤΑΤΑ ΕΚΚΛΗΣΙΑΣΤΙΚΑ ΖΗΤΗΜΑΤΑ ΘΑ ΣΥΖΗΤΗΣΗ Η ΙΕΡΑΡΧΙΑ ΤΗΣ ΕΛΛΑΔΟΣ

ΑΘΗΝΑΙ, 23.— Ἡ Ἱεραρχία τῆς Ἐκκλησίας τῆς Ἑλλάδος θὰ συζητήσῃ σπουδαιότατα ἐκκλησιαστικὰ ζητήματα κατὰ τὴν προσεχῆ σύνοδον.

ΑΘΗΝΑΙ, 23.— Ἡ Ἱεραρχία τῆς Ἐκκλησίας τῆς Ἑλλάδος θὰ συζητήσῃ σπουδαιότατα ἐκκλησιαστικὰ ζητήματα κατὰ τὴν προσεχῆ σύνοδον.

ΑΘΗΝΑΙ, 23.— Ἡ Ἱεραρχία τῆς Ἐκκλησίας τῆς Ἑλλάδος θὰ συζητήσῃ σπουδαιότατα ἐκκλησιαστικὰ ζητήματα κατὰ τὴν προσεχῆ σύνοδον.

ΑΘΗΝΑΙ, 23.— Ἡ Ἱεραρχία τῆς Ἐκκλησίας τῆς Ἑλλάδος θὰ συζητήσῃ σπουδαιότατα ἐκκλησιαστικὰ ζητήματα κατὰ τὴν προσεχῆ σύνοδον.

ΑΘΗΝΑΙ, 23.— Ἡ Ἱεραρχία τῆς Ἐκκλησίας τῆς Ἑλλάδος θὰ συζητήσῃ σπουδαιότατα ἐκκλησιαστικὰ ζητήματα κατὰ τὴν προσεχῆ σύνοδον.

ΑΘΗΝΑΙ, 23.— Ἡ Ἱεραρχία τῆς Ἐκκλησίας τῆς Ἑλλάδος θὰ συζητήσῃ σπουδαιότατα ἐκκλησιαστικὰ ζητήματα κατὰ τὴν προσεχῆ σύνοδον.

ΑΘΗΝΑΙ, 23.— Ἡ Ἱεραρχία τῆς Ἐκκλησίας τῆς Ἑλλάδος θὰ συζητήσῃ σπουδαιότατα ἐκκλησιαστικὰ ζητήματα κατὰ τὴν προσεχῆ σύνοδον.

ΑΘΗΝΑΙ, 23.— Ἡ Ἱεραρχία τῆς Ἐκκλησίας τῆς Ἑλλάδος θὰ συζητήσῃ σπουδαιότατα ἐκκλησιαστικὰ ζητήματα κατὰ τὴν προσεχῆ σύνοδον.

ΕΞΗΤΑΣΘΗΣΑΝ ΕΙΣ ΣΥΣΚΕΨΙΝ ΤΑ ΖΗΤΗΜΑΤΑ ΤΑ ΣΥΝΑΦΗ ΜΕ ΤΟ ΑΚΤΟΠΛΟΪΚΟΝ ΠΡΟΒΛΗΜΑ

ΑΘΗΝΑΙ, 23.— Ὑπὸ τοῦ ὑπουργοῦ Ἐμπορικῆς Ναυτιλίας ἐξητάσθησαν εἰς σύσκεψιν τὰ ζητήματα τὰ συναφῆ μὲ τὸ ἀκτοπλοϊκὸν πρόβλημα.

ΑΘΗΝΑΙ, 23.— Ὑπὸ τοῦ ὑπουργοῦ Ἐμπορικῆς Ναυτιλίας ἐξητάσθησαν εἰς σύσκεψιν τὰ ζητήματα τὰ συναφῆ μὲ τὸ ἀκτοπλοϊκὸν πρόβλημα.

ΑΘΗΝΑΙ, 23.— Ὑπὸ τοῦ ὑπουργοῦ Ἐμπορικῆς Ναυτιλίας ἐξητάσθησαν εἰς σύσκεψιν τὰ ζητήματα τὰ συναφῆ μὲ τὸ ἀκτοπλοϊκὸν πρόβλημα.

ΑΘΗΝΑΙ, 23.— Ὑπὸ τοῦ ὑπουργοῦ Ἐμπορικῆς Ναυτιλίας ἐξητάσθησαν εἰς σύσκεψιν τὰ ζητήματα τὰ συναφῆ μὲ τὸ ἀκτοπλοϊκὸν πρόβλημα.

ΑΘΗΝΑΙ, 23.— Ὑπὸ τοῦ ὑπουργοῦ Ἐμπορικῆς Ναυτιλίας ἐξητάσθησαν εἰς σύσκεψιν τὰ ζητήματα τὰ συναφῆ μὲ τὸ ἀκτοπλοϊκὸν πρόβλημα.

ΑΘΗΝΑΙ, 23.— Ὑπὸ τοῦ ὑπουργοῦ Ἐμπορικῆς Ναυτιλίας ἐξητάσθησαν εἰς σύσκεψιν τὰ ζητήματα τὰ συναφῆ μὲ τὸ ἀκτοπλοϊκὸν πρόβλημα.

Η ΚΙΝΗΣΙΣ ΤΩΝ ΚΑΤΑΘΕΣΕΩΝ ΕΙΣ ΤΑΣ ΤΡΑΠΕΖΑΣ

ΑΘΗΝΑΙ, 23.— Συμφώνως πρὸς τὰ συγκεντρωθέντα στοιχεῖα τῆς Τραπέζης τῆς Ἑλλάδος αἱ καταθέσεις εἰς τὰς τραπέζας ηὐξήθησαν κατὰ τὸν μῆνα Σεπτέμβριον.

ΑΘΗΝΑΙ, 23.— Συμφώνως πρὸς τὰ συγκεντρωθέντα στοιχεῖα τῆς Τραπέζης τῆς Ἑλλάδος αἱ καταθέσεις εἰς τὰς τραπέζας ηὐξήθησαν κατὰ τὸν μῆνα Σεπτέμβριον.

ΑΘΗΝΑΙ, 23.— Συμφώνως πρὸς τὰ συγκεντρωθέντα στοιχεῖα τῆς Τραπέζης τῆς Ἑλλάδος αἱ καταθέσεις εἰς τὰς τραπέζας ηὐξήθησαν κατὰ τὸν μῆνα Σεπτέμβριον.

ΑΘΗΝΑΙ, 23.— Συμφώνως πρὸς τὰ συγκεντρωθέντα στοιχεῖα τῆς Τραπέζης τῆς Ἑλλάδος αἱ καταθέσεις εἰς τὰς τραπέζας ηὐξήθησαν κατὰ τὸν μῆνα Σεπτέμβριον.

ΑΘΗΝΑΙ, 23.— Συμφώνως πρὸς τὰ συγκεντρωθέντα στοιχεῖα τῆς Τραπέζης τῆς Ἑλλάδος αἱ καταθέσεις εἰς τὰς τραπέζας ηὐξήθησαν κατὰ τὸν μῆνα Σεπτέμβριον.

ΑΘΗΝΑΙ, 23.— Συμφώνως πρὸς τὰ συγκεντρωθέντα στοιχεῖα τῆς Τραπέζης τῆς Ἑλλάδος αἱ καταθέσεις εἰς τὰς τραπέζας ηὐξήθησαν κατὰ τὸν μῆνα Σεπτέμβριον.

ΟΙ ΕΝΟΡΚΟΙ ΤΟΥ ΚΑΚΟΥΡΓΙΟΔΙΚΕΙΟΥ ΒΕΡΟΙΑΣ

ΒΕΡΟΙΑ, 23.— Ὑπὸ τοῦ Προέδρου Πρωτοδικῶν ἐκληρώθησαν οἱ ἔνορκοι τοῦ Κακουργιοδικείου Βεροίας διὰ τὴν Α΄ δεκαπενθήμερον.

ΒΕΡΟΙΑ, 23.— Ὑπὸ τοῦ Προέδρου Πρωτοδικῶν ἐκληρώθησαν οἱ ἔνορκοι τοῦ Κακουργιοδικείου Βεροίας διὰ τὴν Α΄ δεκαπενθήμερον.

ΒΕΡΟΙΑ, 23.— Ὑπὸ τοῦ Προέδρου Πρωτοδικῶν ἐκληρώθησαν οἱ ἔνορκοι τοῦ Κακουργιοδικείου Βεροίας διὰ τὴν Α΄ δεκαπενθήμερον.

ΒΕΡΟΙΑ, 23.— Ὑπὸ τοῦ Προέδρου Πρωτοδικῶν ἐκληρώθησαν οἱ ἔνορκοι τοῦ Κακουργιοδικείου Βεροίας διὰ τὴν Α΄ δεκαπενθήμερον.

ΒΕΡΟΙΑ, 23.— Ὑπὸ τοῦ Προέδρου Πρωτοδικῶν ἐκληρώθησαν οἱ ἔνορκοι τοῦ Κακουργιοδικείου Βεροίας διὰ τὴν Α΄ δεκαπενθήμερον.

ΒΕΡΟΙΑ, 23.— Ὑπὸ τοῦ Προέδρου Πρωτοδικῶν ἐκληρώθησαν οἱ ἔνορκοι τοῦ Κακουργιοδικείου Βεροίας διὰ τὴν Α΄ δεκαπενθήμερον.

ΒΕΡΟΙΑ, 23.— Ὑπὸ τοῦ Προέδρου Πρωτοδικῶν ἐκληρώθησαν οἱ ἔνορκοι τοῦ Κακουργιοδικείου Βεροίας διὰ τὴν Α΄ δεκαπενθήμερον.

ΒΕΡΟΙΑ, 23.— Ὑπὸ τοῦ Προέδρου Πρωτοδικῶν ἐκληρώθησαν οἱ ἔνορκοι τοῦ Κακουργιοδικείου Βεροίας διὰ τὴν Α΄ δεκαπενθήμερον.

ΑΙ ΕΡΓΑΤΙΚΑΙ ΕΙΔΗΣΕΙΣ

Εἰς τὸ ἐργατικὸν κέντρον ἐπραγματοποιήθη σύσκεψις τῶν ἐργατικῶν σωματείων διὰ τὰ ζητήματα τῶν ἡμερομισθίων καὶ τῆς ἀσφαλίσεως τῶν ἐργατῶν.

Εἰς τὸ ἐργατικὸν κέντρον ἐπραγματοποιήθη σύσκεψις τῶν ἐργατικῶν σωματείων διὰ τὰ ζητήματα τῶν ἡμερομισθίων καὶ τῆς ἀσφαλίσεως τῶν ἐργατῶν.

Εἰς τὸ ἐργατικὸν κέντρον ἐπραγματοποιήθη σύσκεψις τῶν ἐργατικῶν σωματείων διὰ τὰ ζητήματα τῶν ἡμερομισθίων καὶ τῆς ἀσφαλίσεως τῶν ἐργατῶν.

Εἰς τὸ ἐργατικὸν κέντρον ἐπραγματοποιήθη σύσκεψις τῶν ἐργατικῶν σωματείων διὰ τὰ ζητήματα τῶν ἡμερομισθίων καὶ τῆς ἀσφαλίσεως τῶν ἐργατῶν.

Εἰς τὸ ἐργατικὸν κέντρον ἐπραγματοποιήθη σύσκεψις τῶν ἐργατικῶν σωματείων διὰ τὰ ζητήματα τῶν ἡμερομισθίων καὶ τῆς ἀσφαλίσεως τῶν ἐργατῶν.

Εἰς τὸ ἐργατικὸν κέντρον ἐπραγματοποιήθη σύσκεψις τῶν ἐργατικῶν σωματείων διὰ τὰ ζητήματα τῶν ἡμερομισθίων καὶ τῆς ἀσφαλίσεως τῶν ἐργατῶν.

Εἰς τὸ ἐργατικὸν κέντρον ἐπραγματοποιήθη σύσκεψις τῶν ἐργατικῶν σωματείων διὰ τὰ ζητήματα τῶν ἡμερομισθίων καὶ τῆς ἀσφαλίσεως τῶν ἐργατῶν.

Εἰς τὸ ἐργατικὸν κέντρον ἐπραγματοποιήθη σύσκεψις τῶν ἐργατικῶν σωματείων διὰ τὰ ζητήματα τῶν ἡμερομισθίων καὶ τῆς ἀσφαλίσεως τῶν ἐργατῶν.

Εἰς τὸ ἐργατικὸν κέντρον ἐπραγματοποιήθη σύσκεψις τῶν ἐργατικῶν σωματείων διὰ τὰ ζητήματα τῶν ἡμερομισθίων καὶ τῆς ἀσφαλίσεως τῶν ἐργατῶν.

Εἰς τὸ ἐργατικὸν κέντρον ἐπραγματοποιήθη σύσκεψις τῶν ἐργατικῶν σωματείων διὰ τὰ ζητήματα τῶν ἡμερομισθίων καὶ τῆς ἀσφαλίσεως τῶν ἐργατῶν.

Εἰς τὸ ἐργατικὸν κέντρον ἐπραγματοποιήθη σύσκεψις τῶν ἐργατικῶν σωματείων διὰ τὰ ζητήματα τῶν ἡμερομισθίων καὶ τῆς ἀσφαλίσεως τῶν ἐργατῶν.

Εἰς τὸ ἐργατικὸν κέντρον ἐπραγματοποιήθη σύσκεψις τῶν ἐργατικῶν σωματείων διὰ τὰ ζητήματα τῶν ἡμερομισθίων καὶ τῆς ἀσφαλίσεως τῶν ἐργατῶν.
